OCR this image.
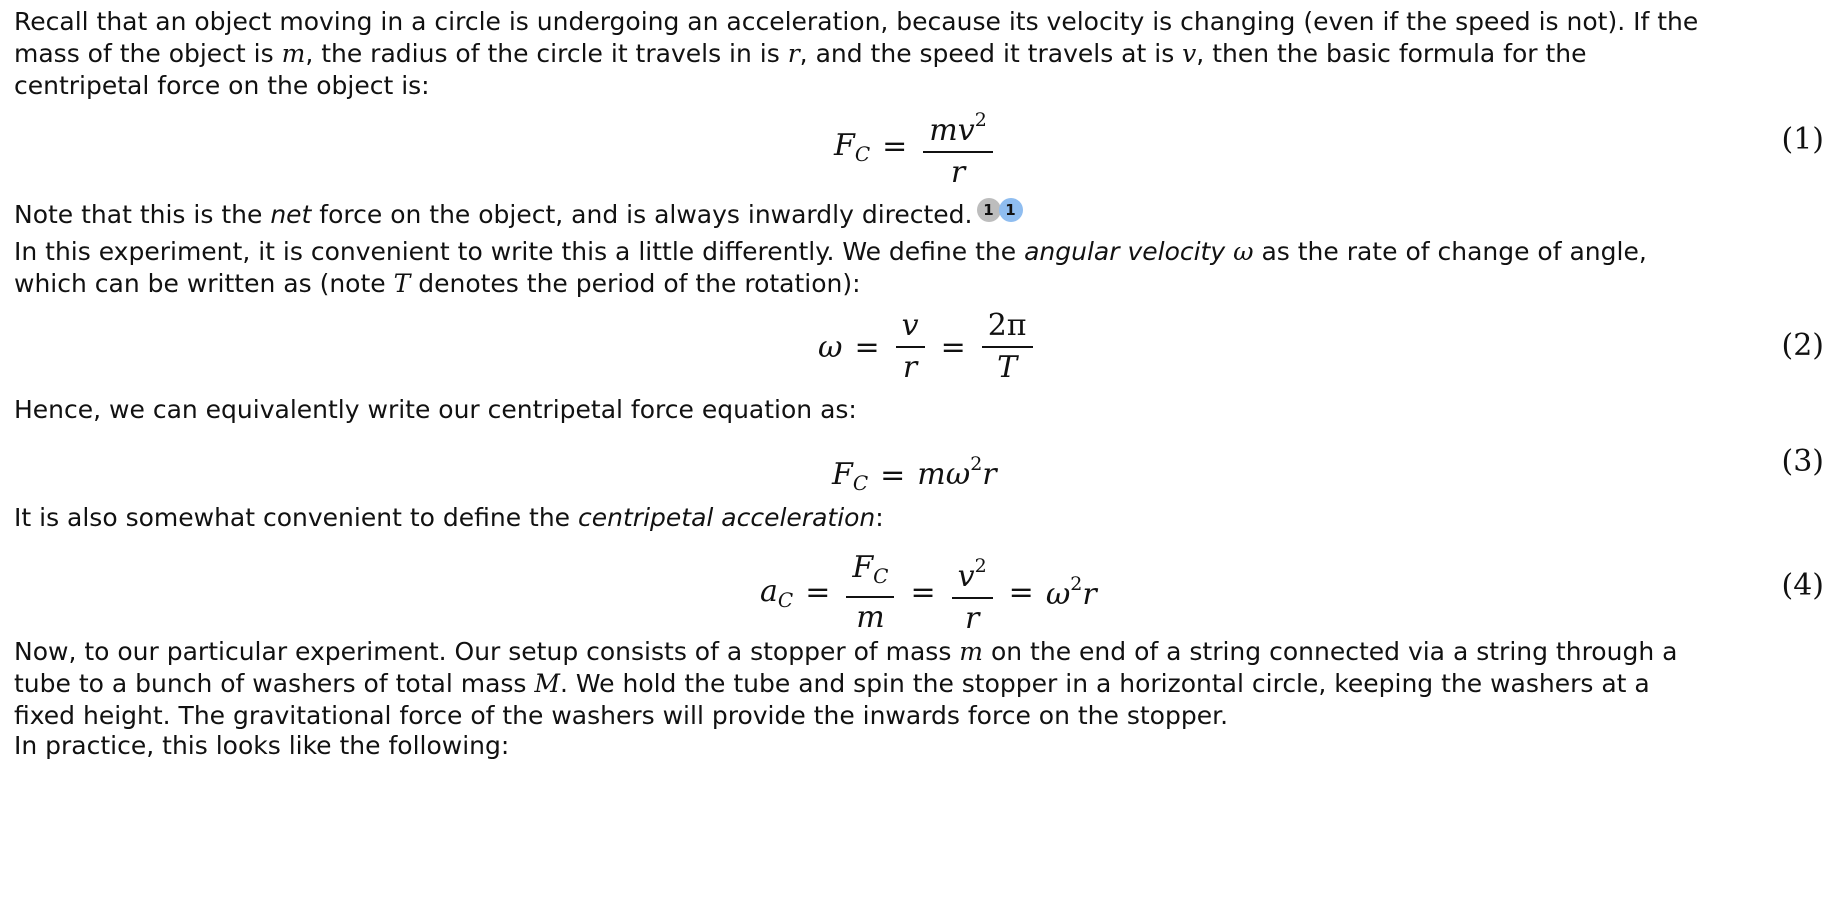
Recall that an object moving in a circle is undergoing an acceleration, because its velocity is changing (even if the speed is not). If the
mass of the object is m, the radius of the circle it travels in is r, and the speed it travels at is v, then the basic formula for the
centripetal force on the object is:
$F_C = \frac{mv^2}{r}$	(1)
Note that this is the net force on the object, and is always inwardly directed. 1 1
In this experiment, it is convenient to write this a little differently. We define the angular velocity ω as the rate of change of angle,
which can be written as (note T denotes the period of the rotation):
$\omega = \frac{v}{r} = \frac{2\pi}{T}$	(2)
Hence, we can equivalently write our centripetal force equation as:
$F_C = m\omega^2r$	(3)
It is also somewhat convenient to define the centripetal acceleration:
$a_C = \frac{F_C}{m} = \frac{v^2}{r} = \omega^2r$	(4)
Now, to our particular experiment. Our setup consists of a stopper of mass m on the end of a string connected via a string through a
tube to a bunch of washers of total mass M. We hold the tube and spin the stopper in a horizontal circle, keeping the washers at a
fixed height. The gravitational force of the washers will provide the inwards force on the stopper.
In practice, this looks like the following:
